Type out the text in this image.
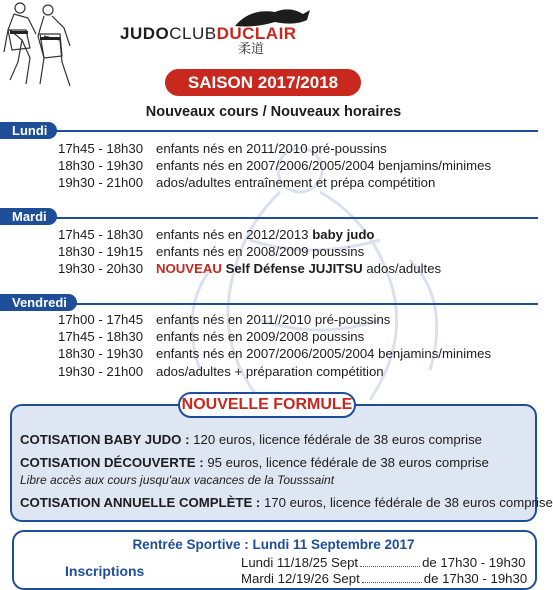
JUDOCLUBDUCLAIR
柔道
SAISON 2017/2018
Nouveaux cours / Nouveaux horaires
Lundi
17h45 - 18h30 enfants nés en 2011/2010 pré-poussins
18h30 - 19h30 enfants nés en 2007/2006/2005/2004 benjamins/minimes
19h30 - 21h00 ados/adultes entraînement et prépa compétition
Mardi
17h45 - 18h30 enfants nés en 2012/2013 baby judo
18h30 - 19h15 enfants nés en 2008/2009 poussins
19h30 - 20h30 NOUVEAU Self Défense JUJITSU ados/adultes
Vendredi
17h00 - 17h45 enfants nés en 2011//2010 pré-poussins
17h45 - 18h30 enfants nés en 2009/2008 poussins
18h30 - 19h30 enfants nés en 2007/2006/2005/2004 benjamins/minimes
19h30 - 21h00 ados/adultes + préparation compétition
NOUVELLE FORMULE
COTISATION BABY JUDO : 120 euros, licence fédérale de 38 euros comprise
COTISATION DÉCOUVERTE : 95 euros, licence fédérale de 38 euros comprise
Libre accès aux cours jusqu'aux vacances de la Tousssaint
COTISATION ANNUELLE COMPLÈTE : 170 euros, licence fédérale de 38 euros comprise
Rentrée Sportive : Lundi 11 Septembre 2017
Inscriptions
Lundi 11/18/25 Sept	de 17h30 - 19h30
Mardi 12/19/26 Sept	de 17h30 - 19h30
